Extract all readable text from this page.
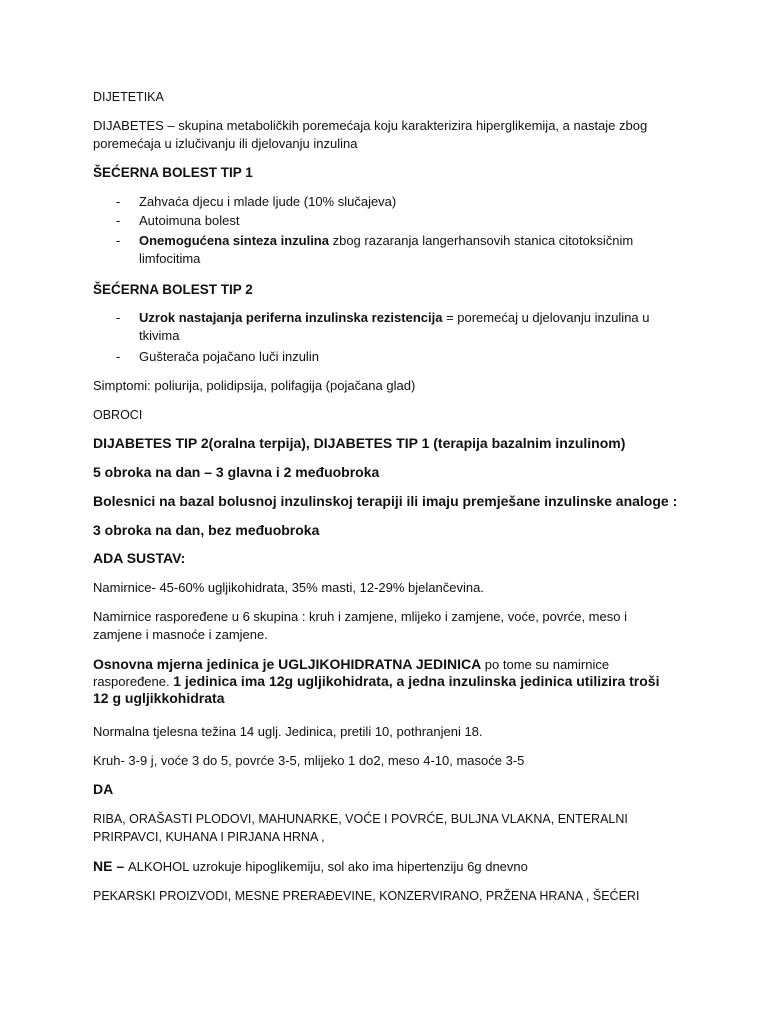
DIJETETIKA

DIJABETES – skupina metaboličkih poremećaja koju karakterizira hiperglikemija, a nastaje zbog poremećaja u izlučivanju ili djelovanju inzulina

ŠEĆERNA BOLEST TIP 1

-	Zahvaća djecu i mlade ljude (10% slučajeva)
-	Autoimuna bolest
-	Onemogućena sinteza inzulina zbog razaranja langerhansovih stanica citotoksičnim limfocitima

ŠEĆERNA BOLEST TIP 2

-	Uzrok nastajanja periferna inzulinska rezistencija = poremećaj u djelovanju inzulina u tkivima
-	Gušterača pojačano luči inzulin

Simptomi: poliurija, polidipsija, polifagija (pojačana glad)

OBROCI

DIJABETES TIP 2(oralna terpija), DIJABETES TIP 1 (terapija bazalnim inzulinom)

5 obroka na dan – 3 glavna i 2 međuobroka

Bolesnici na bazal bolusnoj inzulinskoj terapiji ili imaju premješane inzulinske analoge :

3 obroka na dan, bez međuobroka

ADA SUSTAV:

Namirnice- 45-60% ugljikohidrata, 35% masti, 12-29% bjelančevina.

Namirnice raspoređene u 6 skupina : kruh i zamjene, mlijeko i zamjene, voće, povrće, meso i zamjene i masnoće i zamjene.

Osnovna mjerna jedinica je UGLJIKOHIDRATNA JEDINICA po tome su namirnice raspoređene. 1 jedinica ima 12g ugljikohidrata, a jedna inzulinska jedinica utilizira troši 12 g ugljikkohidrata

Normalna tjelesna težina 14 uglj. Jedinica, pretili 10, pothranjeni 18.

Kruh- 3-9 j, voće 3 do 5, povrće 3-5, mlijeko 1 do2, meso 4-10, masoće 3-5

DA

RIBA, ORAŠASTI PLODOVI, MAHUNARKE, VOĆE I POVRĆE, BULJNA VLAKNA, ENTERALNI PRIRPAVCI, KUHANA I PIRJANA HRNA ,

NE – ALKOHOL uzrokuje hipoglikemiju, sol ako ima hipertenziju 6g dnevno

PEKARSKI PROIZVODI, MESNE PRERAĐEVINE, KONZERVIRANO, PRŽENA HRANA , ŠEĆERI
